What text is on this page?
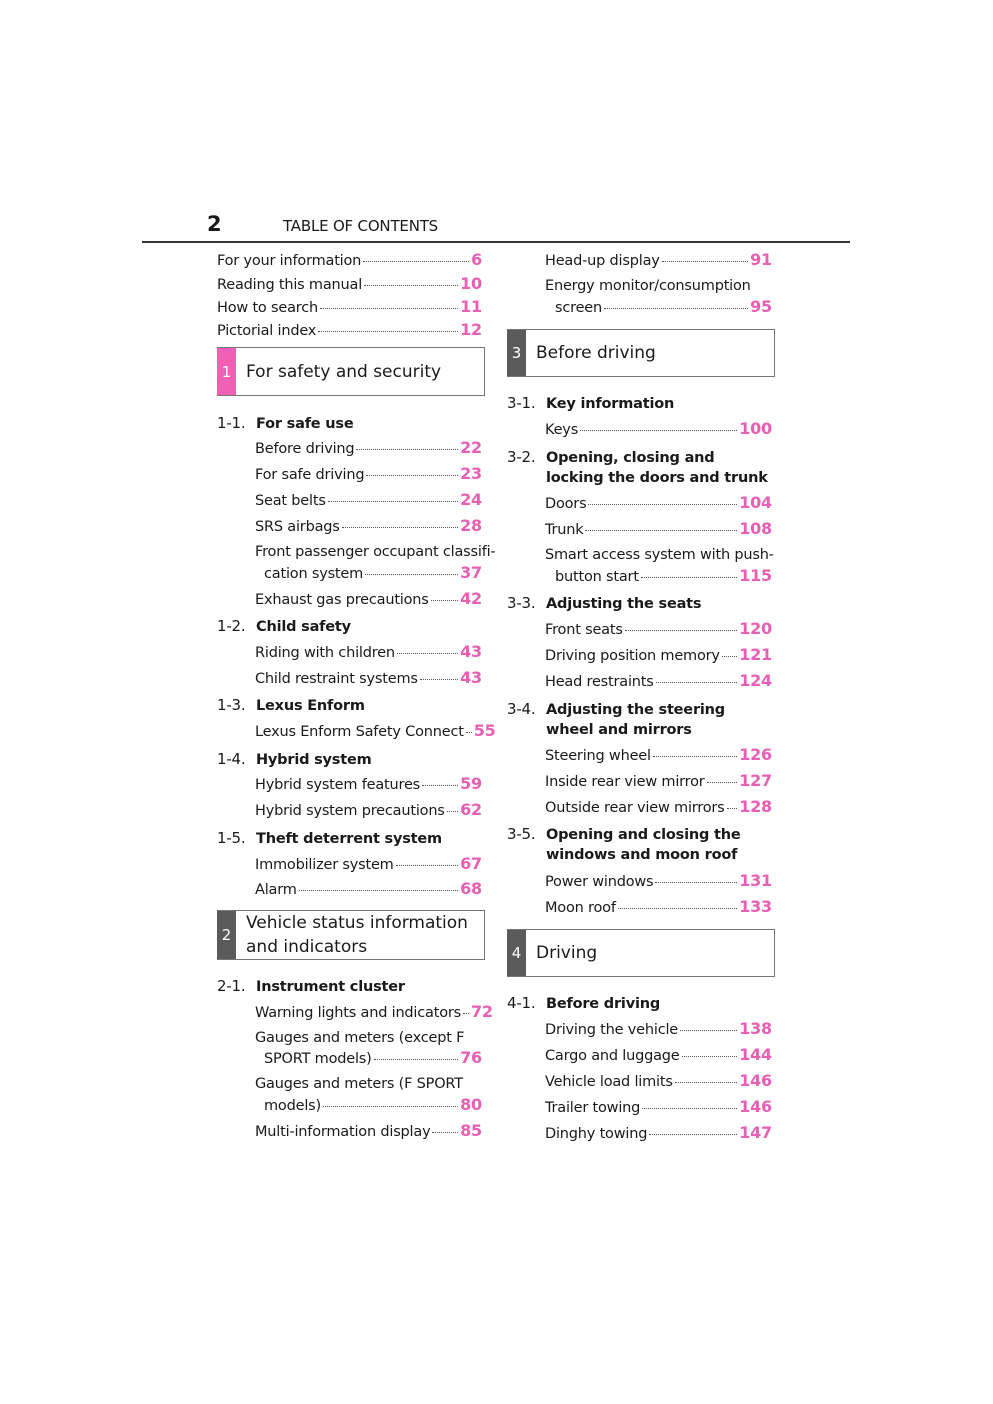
2	TABLE OF CONTENTS
For your information	6
Reading this manual	10
How to search	11
Pictorial index	12
1 For safety and security
1-1. For safe use
Before driving	22
For safe driving	23
Seat belts	24
SRS airbags	28
Front passenger occupant classifi-
cation system	37
Exhaust gas precautions 42
1-2. Child safety
Riding with children	43
Child restraint systems	43
1-3. Lexus Enform
Lexus Enform Safety Connect 55
1-4. Hybrid system
Hybrid system features	59
Hybrid system precautions 62
1-5. Theft deterrent system
Immobilizer system	67
Alarm	68
2
Vehicle status information and indicators
2-1. Instrument cluster
Warning lights and indicators 72
Gauges and meters (except F
SPORT models)	76
Gauges and meters (F SPORT
models)	80
Multi-information display 85
Head-up display	91
Energy monitor/consumption
screen	95
3 Before driving
3-1. Key information
Keys	100
3-2. Opening, closing and locking the doors and trunk
Doors	104
Trunk	108
Smart access system with push-
button start	115
3-3. Adjusting the seats
Front seats	120
Driving position memory 121
Head restraints	124
3-4. Adjusting the steering wheel and mirrors
Steering wheel	126
Inside rear view mirror 127
Outside rear view mirrors 128
3-5. Opening and closing the windows and moon roof
Power windows	131
Moon roof	133
4 Driving
4-1. Before driving
Driving the vehicle	138
Cargo and luggage	144
Vehicle load limits	146
Trailer towing	146
Dinghy towing	147
